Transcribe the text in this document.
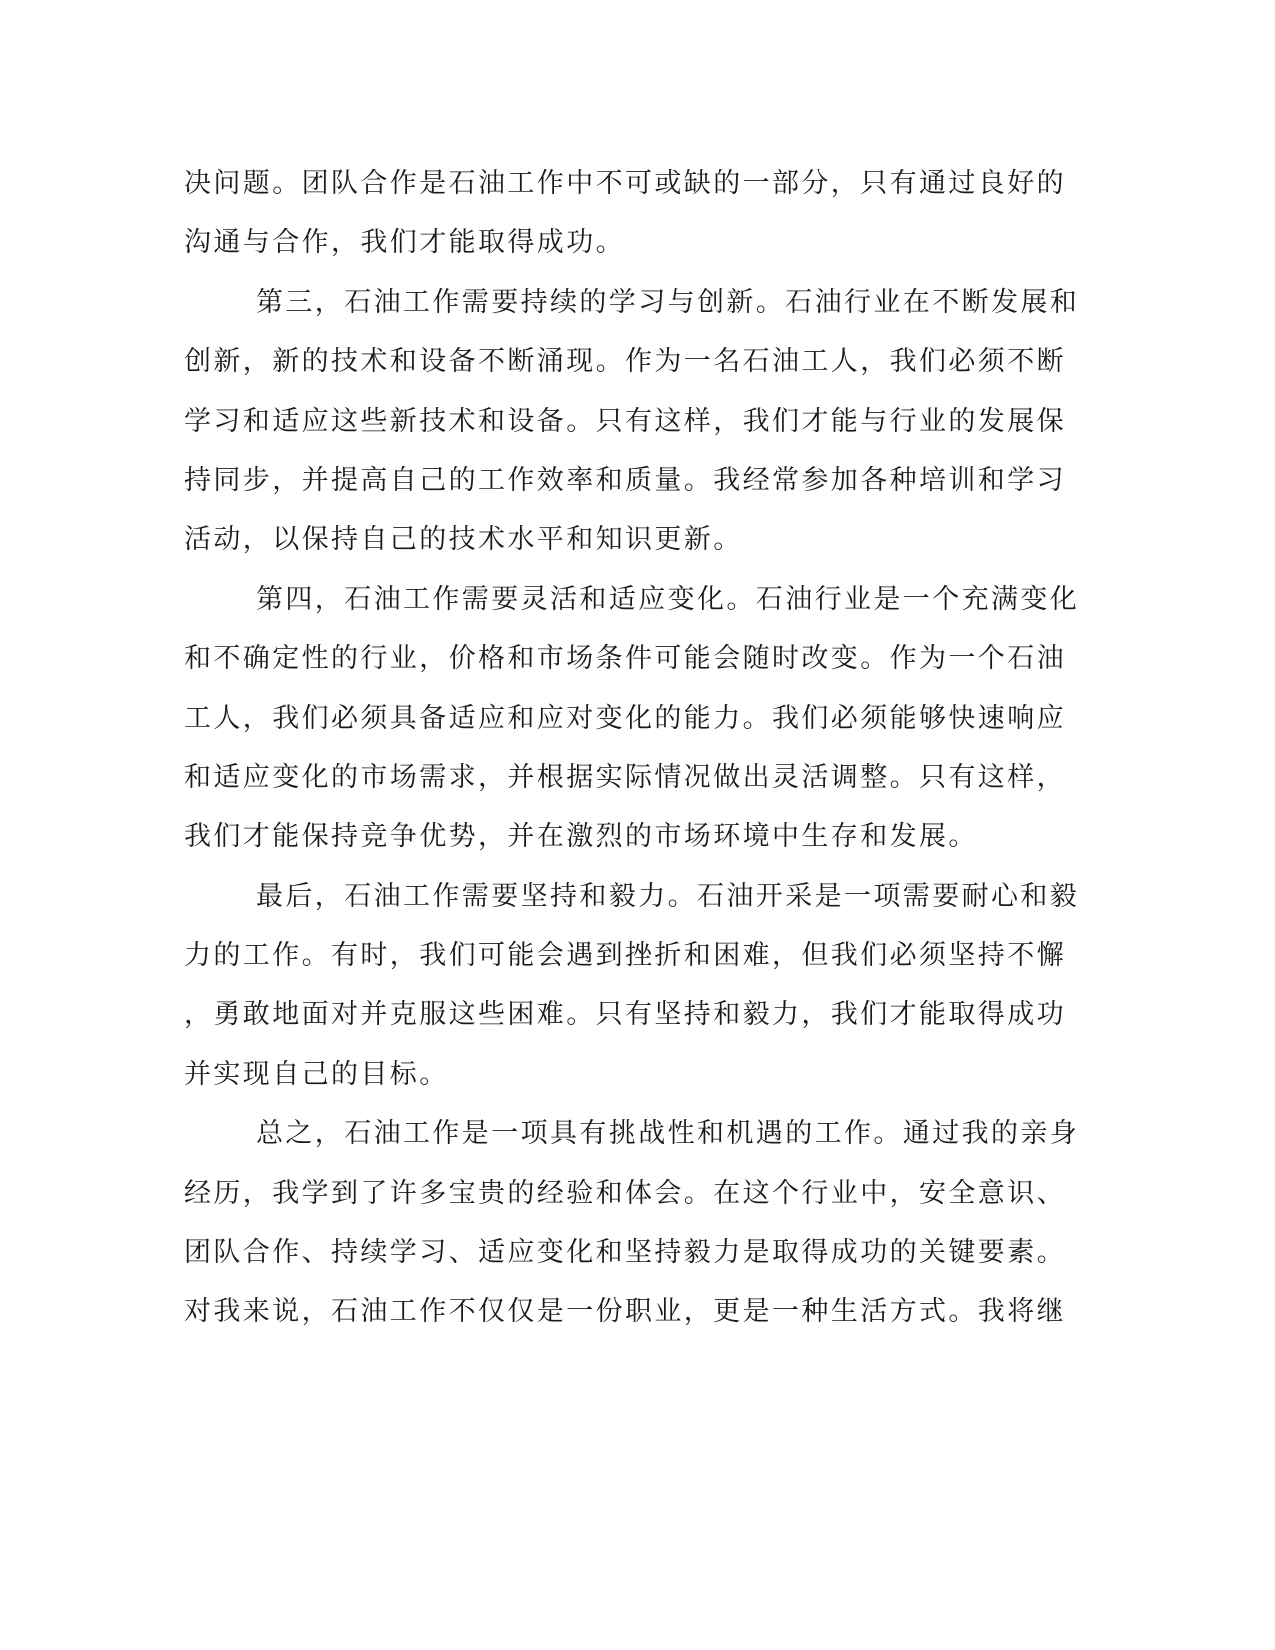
决问题。团队合作是石油工作中不可或缺的一部分，只有通过良好的
沟通与合作，我们才能取得成功。
第三，石油工作需要持续的学习与创新。石油行业在不断发展和
创新，新的技术和设备不断涌现。作为一名石油工人，我们必须不断
学习和适应这些新技术和设备。只有这样，我们才能与行业的发展保
持同步，并提高自己的工作效率和质量。我经常参加各种培训和学习
活动，以保持自己的技术水平和知识更新。
第四，石油工作需要灵活和适应变化。石油行业是一个充满变化
和不确定性的行业，价格和市场条件可能会随时改变。作为一个石油
工人，我们必须具备适应和应对变化的能力。我们必须能够快速响应
和适应变化的市场需求，并根据实际情况做出灵活调整。只有这样，
我们才能保持竞争优势，并在激烈的市场环境中生存和发展。
最后，石油工作需要坚持和毅力。石油开采是一项需要耐心和毅
力的工作。有时，我们可能会遇到挫折和困难，但我们必须坚持不懈
，勇敢地面对并克服这些困难。只有坚持和毅力，我们才能取得成功
并实现自己的目标。
总之，石油工作是一项具有挑战性和机遇的工作。通过我的亲身
经历，我学到了许多宝贵的经验和体会。在这个行业中，安全意识、
团队合作、持续学习、适应变化和坚持毅力是取得成功的关键要素。
对我来说，石油工作不仅仅是一份职业，更是一种生活方式。我将继
